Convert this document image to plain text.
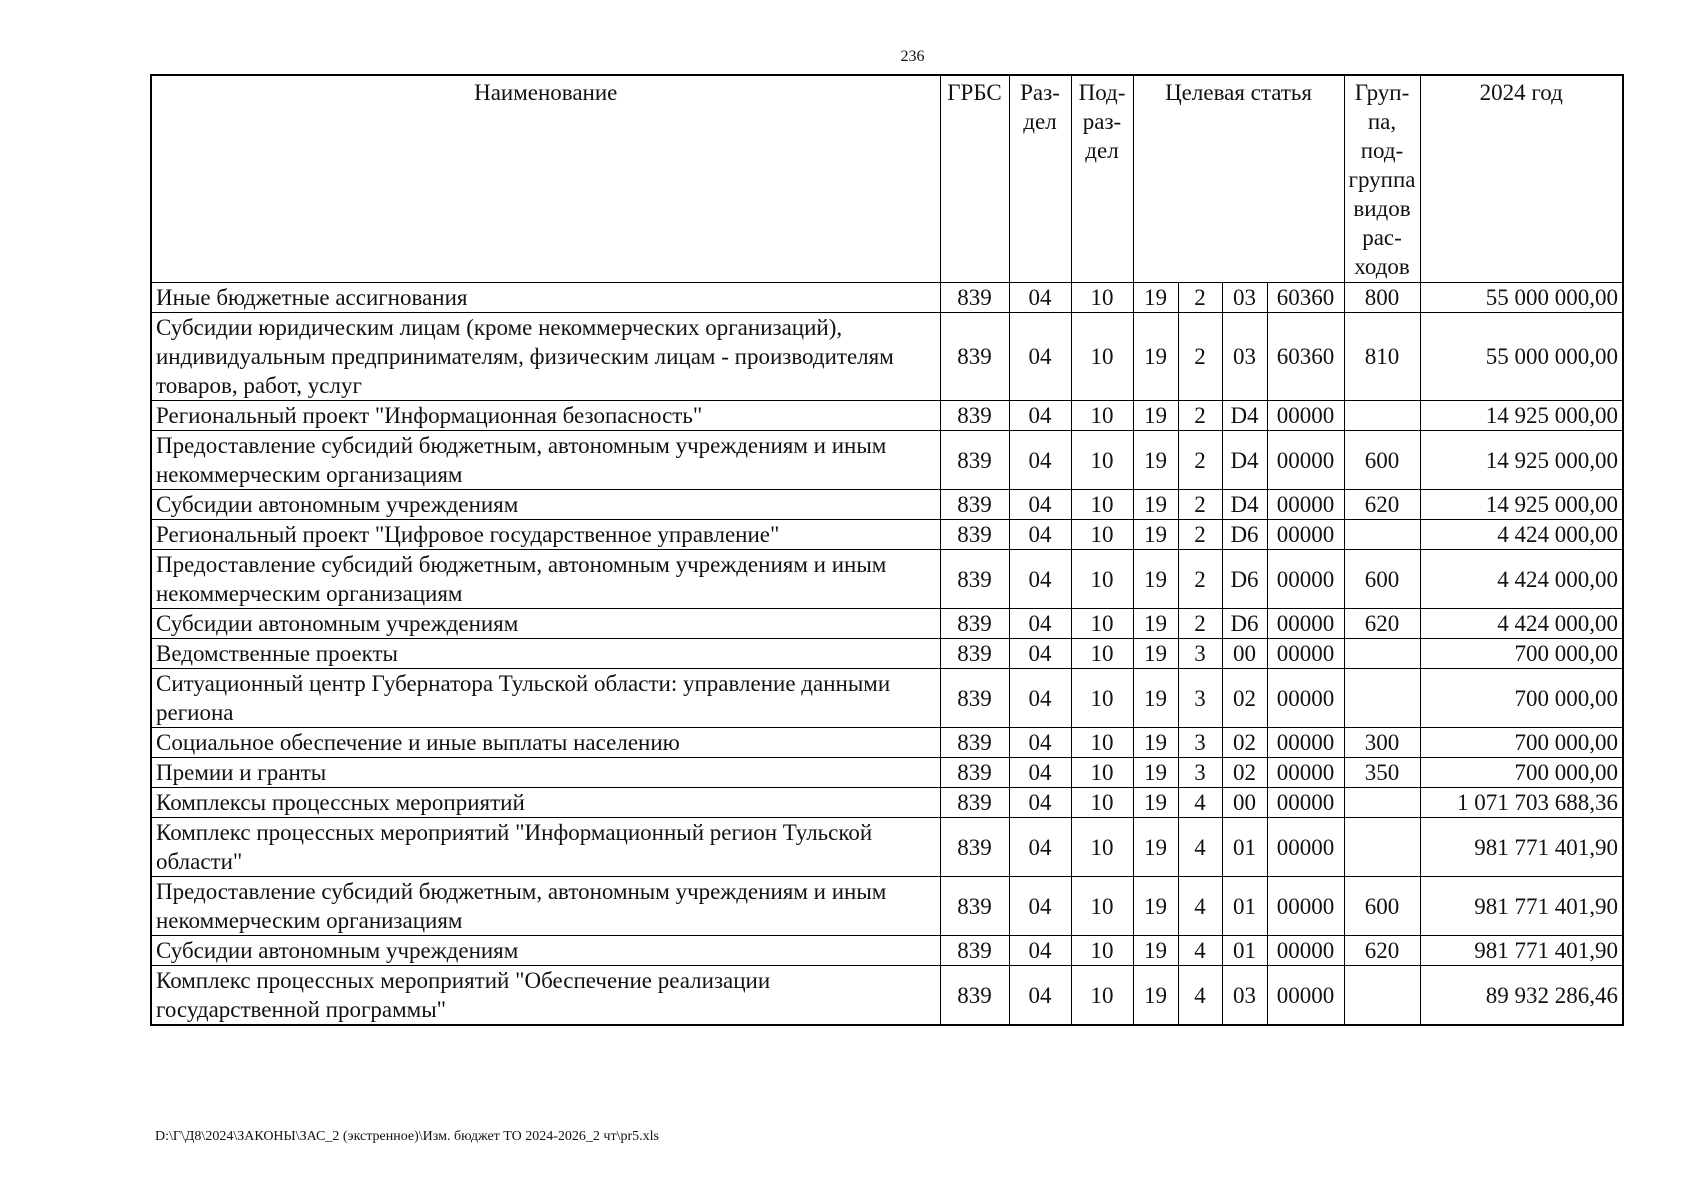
236
Наименование	ГРБС	Раз- дел	Под- раз- дел	Целевая статья				Груп- па, под- группа видов рас- ходов	2024 год
Иные бюджетные ассигнования	839	04	10	19	2	03	60360	800	55 000 000,00
Субсидии юридическим лицам (кроме некоммерческих организаций), индивидуальным предпринимателям, физическим лицам - производителям товаров, работ, услуг	839	04	10	19	2	03	60360	810	55 000 000,00
Региональный проект "Информационная безопасность"	839	04	10	19	2	D4	00000		14 925 000,00
Предоставление субсидий бюджетным, автономным учреждениям и иным некоммерческим организациям	839	04	10	19	2	D4	00000	600	14 925 000,00
Субсидии автономным учреждениям	839	04	10	19	2	D4	00000	620	14 925 000,00
Региональный проект "Цифровое государственное управление"	839	04	10	19	2	D6	00000		4 424 000,00
Предоставление субсидий бюджетным, автономным учреждениям и иным некоммерческим организациям	839	04	10	19	2	D6	00000	600	4 424 000,00
Субсидии автономным учреждениям	839	04	10	19	2	D6	00000	620	4 424 000,00
Ведомственные проекты	839	04	10	19	3	00	00000		700 000,00
Ситуационный центр Губернатора Тульской области: управление данными региона	839	04	10	19	3	02	00000		700 000,00
Социальное обеспечение и иные выплаты населению	839	04	10	19	3	02	00000	300	700 000,00
Премии и гранты	839	04	10	19	3	02	00000	350	700 000,00
Комплексы процессных мероприятий	839	04	10	19	4	00	00000		1 071 703 688,36
Комплекс процессных мероприятий "Информационный регион Тульской области"	839	04	10	19	4	01	00000		981 771 401,90
Предоставление субсидий бюджетным, автономным учреждениям и иным некоммерческим организациям	839	04	10	19	4	01	00000	600	981 771 401,90
Субсидии автономным учреждениям	839	04	10	19	4	01	00000	620	981 771 401,90
Комплекс процессных мероприятий "Обеспечение реализации государственной программы"	839	04	10	19	4	03	00000		89 932 286,46
D:\Г\Д8\2024\ЗАКОНЫ\ЗАС_2 (экстренное)\Изм. бюджет ТО 2024-2026_2 чт\pr5.xls
